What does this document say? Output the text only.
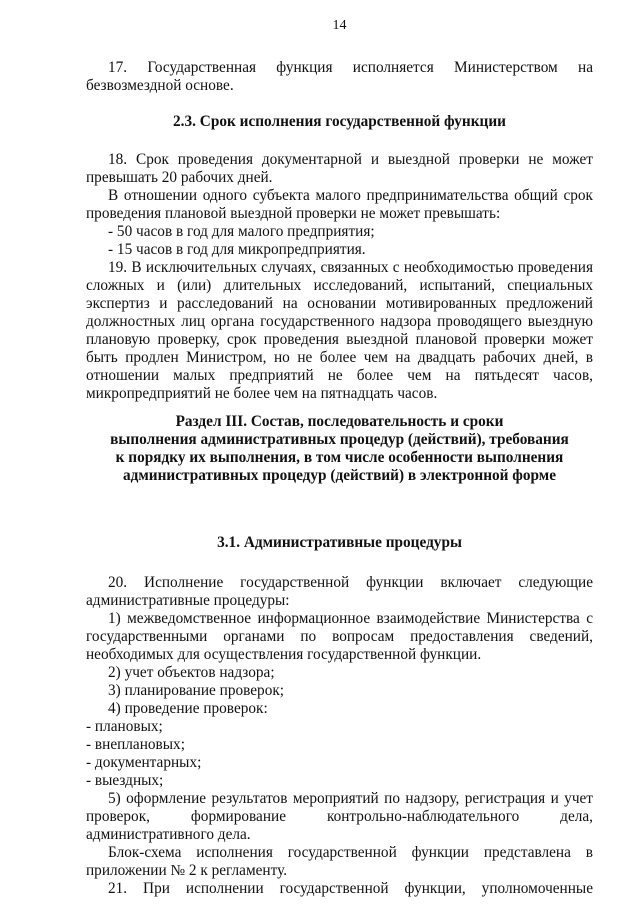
14

17. Государственная функция исполняется Министерством на

безвозмездной основе.

2.3. Срок исполнения государственной функции

18. Срок проведения документарной и выездной проверки не может превышать 20 рабочих дней.

В отношении одного субъекта малого предпринимательства общий срок проведения плановой выездной проверки не может превышать:

- 50 часов в год для малого предприятия;

- 15 часов в год для микропредприятия.

19. В исключительных случаях, связанных с необходимостью проведения сложных и (или) длительных исследований, испытаний, специальных экспертиз и расследований на основании мотивированных предложений должностных лиц органа государственного надзора проводящего выездную плановую проверку, срок проведения выездной плановой проверки может быть продлен Министром, но не более чем на двадцать рабочих дней, в отношении малых предприятий не более чем на пятьдесят часов, микропредприятий не более чем на пятнадцать часов.

Раздел III. Состав, последовательность и сроки
выполнения административных процедур (действий), требования
к порядку их выполнения, в том числе особенности выполнения
административных процедур (действий) в электронной форме
3.1. Административные процедуры

20. Исполнение государственной функции включает следующие

административные процедуры:

1) межведомственное информационное взаимодействие Министерства с

государственными органами по вопросам предоставления сведений,

необходимых для осуществления государственной функции.

2) учет объектов надзора;

3) планирование проверок;

4) проведение проверок:

- плановых;

- внеплановых;

- документарных;

- выездных;

5) оформление результатов мероприятий по надзору, регистрация и учет

проверок, формирование контрольно-наблюдательного дела,

административного дела.

Блок-схема исполнения государственной функции представлена в

приложении № 2 к регламенту.

21. При исполнении государственной функции, уполномоченные
